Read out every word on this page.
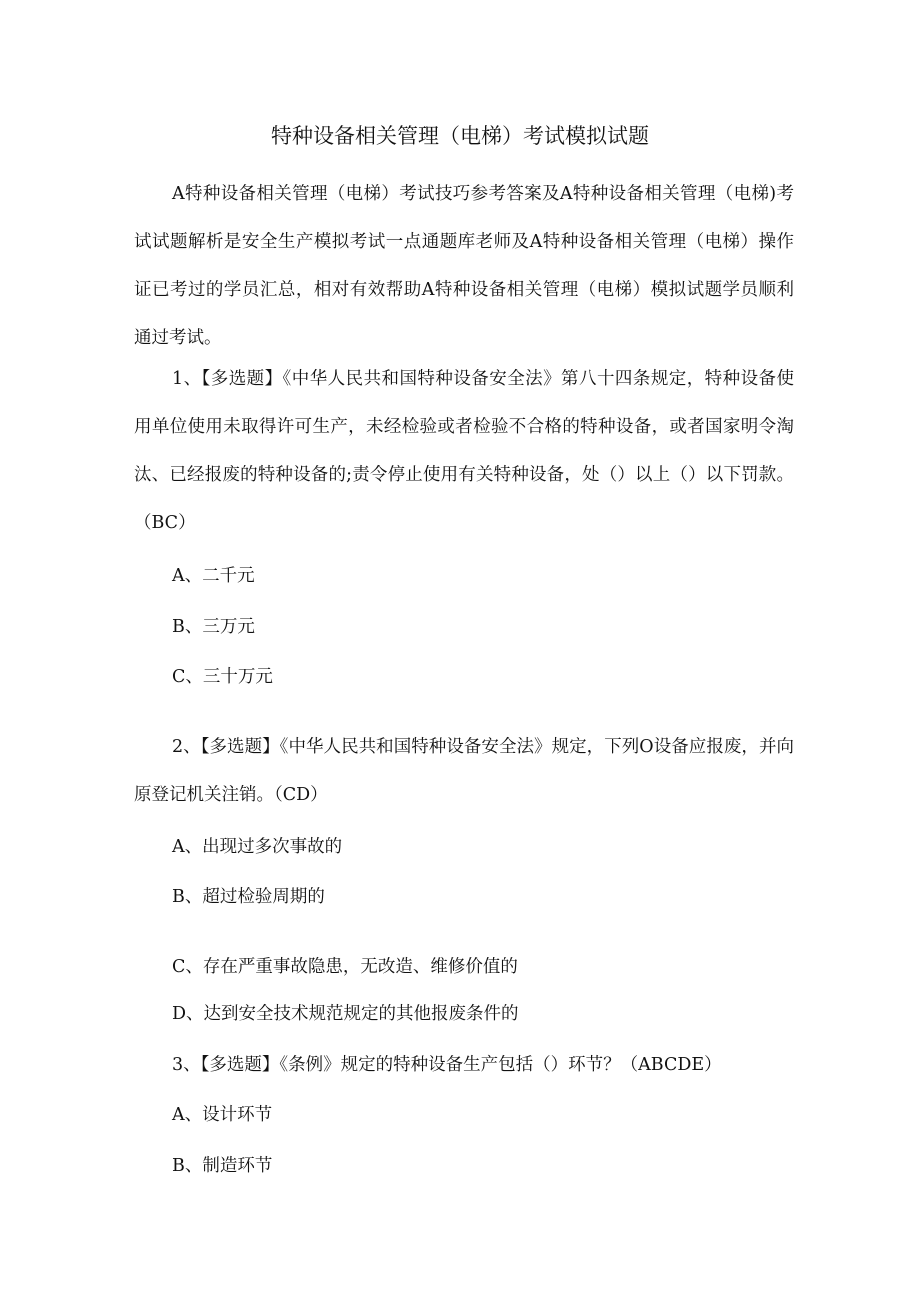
特种设备相关管理（电梯）考试模拟试题
A特种设备相关管理（电梯）考试技巧参考答案及A特种设备相关管理（电梯)考试试题解析是安全生产模拟考试一点通题库老师及A特种设备相关管理（电梯）操作证已考过的学员汇总，相对有效帮助A特种设备相关管理（电梯）模拟试题学员顺利通过考试。
1、【多选题】《中华人民共和国特种设备安全法》第八十四条规定，特种设备使用单位使用未取得许可生产，未经检验或者检验不合格的特种设备，或者国家明令淘汰、已经报废的特种设备的;责令停止使用有关特种设备，处（）以上（）以下罚款。（BC）
A、二千元
B、三万元
C、三十万元
2、【多选题】《中华人民共和国特种设备安全法》规定，下列O设备应报废，并向原登记机关注销。（CD）
A、出现过多次事故的
B、超过检验周期的
C、存在严重事故隐患，无改造、维修价值的
D、达到安全技术规范规定的其他报废条件的
3、【多选题】《条例》规定的特种设备生产包括（）环节？（ABCDE）
A、设计环节
B、制造环节
